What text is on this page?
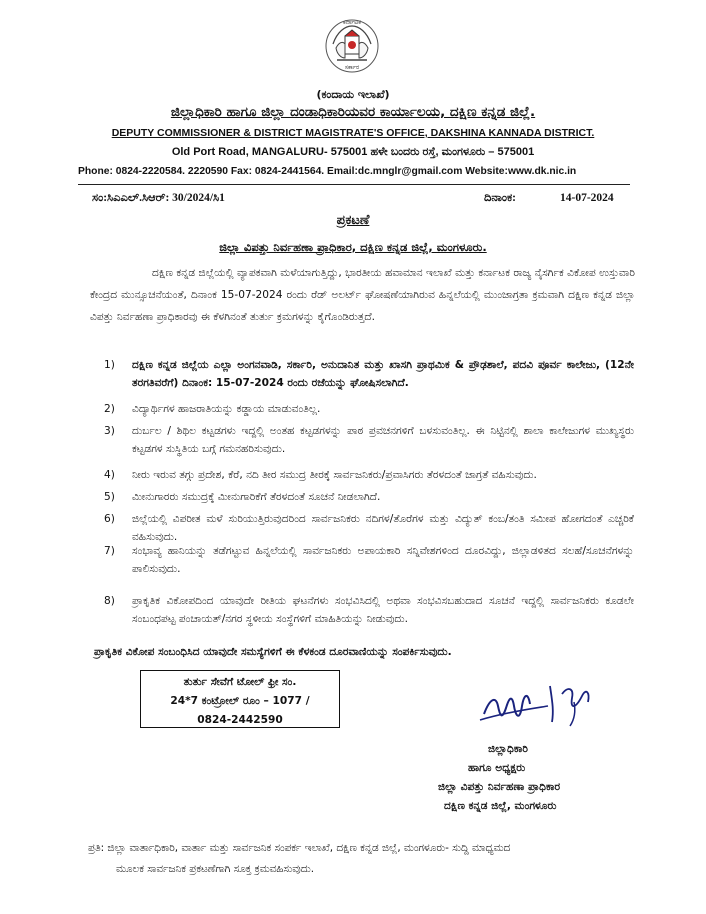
ಕರ್ನಾಟಕ
ಸರ್ಕಾರ
(ಕಂದಾಯ ಇಲಾಖೆ)
ಜಿಲ್ಲಾಧಿಕಾರಿ ಹಾಗೂ ಜಿಲ್ಲಾ ದಂಡಾಧಿಕಾರಿಯವರ ಕಾರ್ಯಾಲಯ, ದಕ್ಷಿಣ ಕನ್ನಡ ಜಿಲ್ಲೆ.
DEPUTY COMMISSIONER & DISTRICT MAGISTRATE'S OFFICE, DAKSHINA KANNADA DISTRICT.
Old Port Road, MANGALURU- 575001 ಹಳೇ ಬಂದರು ರಸ್ತೆ, ಮಂಗಳೂರು – 575001
Phone: 0824-2220584. 2220590 Fax: 0824-2441564. Email:dc.mnglr@gmail.com Website:www.dk.nic.in
ಸಂ:ಸಿಎಎಲ್.ಸಿಆರ್: 30/2024/ಸಿ1	ದಿನಾಂಕ:	14-07-2024
ಪ್ರಕಟಣೆ
ಜಿಲ್ಲಾ ವಿಪತ್ತು ನಿರ್ವಹಣಾ ಪ್ರಾಧಿಕಾರ, ದಕ್ಷಿಣ ಕನ್ನಡ ಜಿಲ್ಲೆ, ಮಂಗಳೂರು.

ದಕ್ಷಿಣ ಕನ್ನಡ ಜಿಲ್ಲೆಯಲ್ಲಿ ವ್ಯಾಪಕವಾಗಿ ಮಳೆಯಾಗುತ್ತಿದ್ದು, ಭಾರತೀಯ ಹವಾಮಾನ ಇಲಾಖೆ ಮತ್ತು ಕರ್ನಾಟಕ ರಾಜ್ಯ ನೈಸರ್ಗಿಕ ವಿಕೋಪ ಉಸ್ತುವಾರಿ ಕೇಂದ್ರದ ಮುನ್ಸೂಚನೆಯಂತೆ, ದಿನಾಂಕ 15-07-2024 ರಂದು ರೆಡ್ ಅಲರ್ಟ್ ಘೋಷಣೆಯಾಗಿರುವ ಹಿನ್ನಲೆಯಲ್ಲಿ ಮುಂಜಾಗ್ರತಾ ಕ್ರಮವಾಗಿ ದಕ್ಷಿಣ ಕನ್ನಡ ಜಿಲ್ಲಾ ವಿಪತ್ತು ನಿರ್ವಹಣಾ ಪ್ರಾಧಿಕಾರವು ಈ ಕೆಳಗಿನಂತೆ ತುರ್ತು ಕ್ರಮಗಳನ್ನು ಕೈಗೊಂಡಿರುತ್ತದೆ.

1)	ದಕ್ಷಿಣ ಕನ್ನಡ ಜಿಲ್ಲೆಯ ಎಲ್ಲಾ ಅಂಗನವಾಡಿ, ಸರ್ಕಾರಿ, ಅನುದಾನಿತ ಮತ್ತು ಖಾಸಗಿ ಪ್ರಾಥಮಿಕ & ಪ್ರೌಢಶಾಲೆ, ಪದವಿ ಪೂರ್ವ ಕಾಲೇಜು, (12ನೇ ತರಗತಿವರೆಗೆ) ದಿನಾಂಕ: 15-07-2024 ರಂದು ರಜೆಯನ್ನು ಘೋಷಿಸಲಾಗಿದೆ.
2)	ವಿದ್ಯಾರ್ಥಿಗಳ ಹಾಜರಾತಿಯನ್ನು ಕಡ್ಡಾಯ ಮಾಡುವಂತಿಲ್ಲ.
3)	ದುರ್ಬಲ / ಶಿಥಿಲ ಕಟ್ಟಡಗಳು ಇದ್ದಲ್ಲಿ ಅಂತಹ ಕಟ್ಟಡಗಳನ್ನು ಪಾಠ ಪ್ರವಚನಗಳಿಗೆ ಬಳಸುವಂತಿಲ್ಲ. ಈ ನಿಟ್ಟಿನಲ್ಲಿ ಶಾಲಾ ಕಾಲೇಜುಗಳ ಮುಖ್ಯಸ್ಥರು ಕಟ್ಟಡಗಳ ಸುಸ್ಥಿತಿಯ ಬಗ್ಗೆ ಗಮನಹರಿಸುವುದು.
4)	ನೀರು ಇರುವ ತಗ್ಗು ಪ್ರದೇಶ, ಕೆರೆ, ನದಿ ತೀರ ಸಮುದ್ರ ತೀರಕ್ಕೆ ಸಾರ್ವಜನಿಕರು/ಪ್ರವಾಸಿಗರು ತೆರಳದಂತೆ ಜಾಗ್ರತೆ ವಹಿಸುವುದು.
5)	ಮೀನುಗಾರರು ಸಮುದ್ರಕ್ಕೆ ಮೀನುಗಾರಿಕೆಗೆ ತೆರಳದಂತೆ ಸೂಚನೆ ನೀಡಲಾಗಿದೆ.
6)	ಜಿಲ್ಲೆಯಲ್ಲಿ ವಿಪರೀತ ಮಳೆ ಸುರಿಯುತ್ತಿರುವುದರಿಂದ ಸಾರ್ವಜನಿಕರು ನದಿಗಳ/ತೊರೆಗಳ ಮತ್ತು ವಿದ್ಯುತ್ ಕಂಬ/ತಂತಿ ಸಮೀಪ ಹೋಗದಂತೆ ಎಚ್ಚರಿಕೆ ವಹಿಸುವುದು.
7)	ಸಂಭಾವ್ಯ ಹಾನಿಯನ್ನು ತಡೆಗಟ್ಟುವ ಹಿನ್ನಲೆಯಲ್ಲಿ ಸಾರ್ವಜನಿಕರು ಅಪಾಯಕಾರಿ ಸನ್ನಿವೇಶಗಳಿಂದ ದೂರವಿದ್ದು, ಜಿಲ್ಲಾಡಳಿತದ ಸಲಹೆ/ಸೂಚನೆಗಳನ್ನು ಪಾಲಿಸುವುದು.
8)	ಪ್ರಾಕೃತಿಕ ವಿಕೋಪದಿಂದ ಯಾವುದೇ ರೀತಿಯ ಘಟನೆಗಳು ಸಂಭವಿಸಿದಲ್ಲಿ ಅಥವಾ ಸಂಭವಿಸಬಹುದಾದ ಸೂಚನೆ ಇದ್ದಲ್ಲಿ ಸಾರ್ವಜನಿಕರು ಕೂಡಲೇ ಸಂಬಂಧಪಟ್ಟ ಪಂಚಾಯತ್/ನಗರ ಸ್ಥಳೀಯ ಸಂಸ್ಥೆಗಳಿಗೆ ಮಾಹಿತಿಯನ್ನು ನೀಡುವುದು.
ಪ್ರಾಕೃತಿಕ ವಿಕೋಪ ಸಂಬಂಧಿಸಿದ ಯಾವುದೇ ಸಮಸ್ಯೆಗಳಿಗೆ ಈ ಕೆಳಕಂಡ ದೂರವಾಣಿಯನ್ನು ಸಂಪರ್ಕಿಸುವುದು.
ತುರ್ತು ಸೇವೆಗೆ ಟೋಲ್ ಫ್ರೀ ಸಂ.
24*7 ಕಂಟ್ರೋಲ್ ರೂಂ – 1077 /
0824-2442590
ಜಿಲ್ಲಾಧಿಕಾರಿ
ಹಾಗೂ ಅಧ್ಯಕ್ಷರು
ಜಿಲ್ಲಾ ವಿಪತ್ತು ನಿರ್ವಹಣಾ ಪ್ರಾಧಿಕಾರ
ದಕ್ಷಿಣ ಕನ್ನಡ ಜಿಲ್ಲೆ, ಮಂಗಳೂರು
ಪ್ರತಿ: ಜಿಲ್ಲಾ ವಾರ್ತಾಧಿಕಾರಿ, ವಾರ್ತಾ ಮತ್ತು ಸಾರ್ವಜನಿಕ ಸಂಪರ್ಕ ಇಲಾಖೆ, ದಕ್ಷಿಣ ಕನ್ನಡ ಜಿಲ್ಲೆ, ಮಂಗಳೂರು- ಸುದ್ದಿ ಮಾಧ್ಯಮದ
ಮೂಲಕ ಸಾರ್ವಜನಿಕ ಪ್ರಕಟಣೆಗಾಗಿ ಸೂಕ್ತ ಕ್ರಮವಹಿಸುವುದು.
